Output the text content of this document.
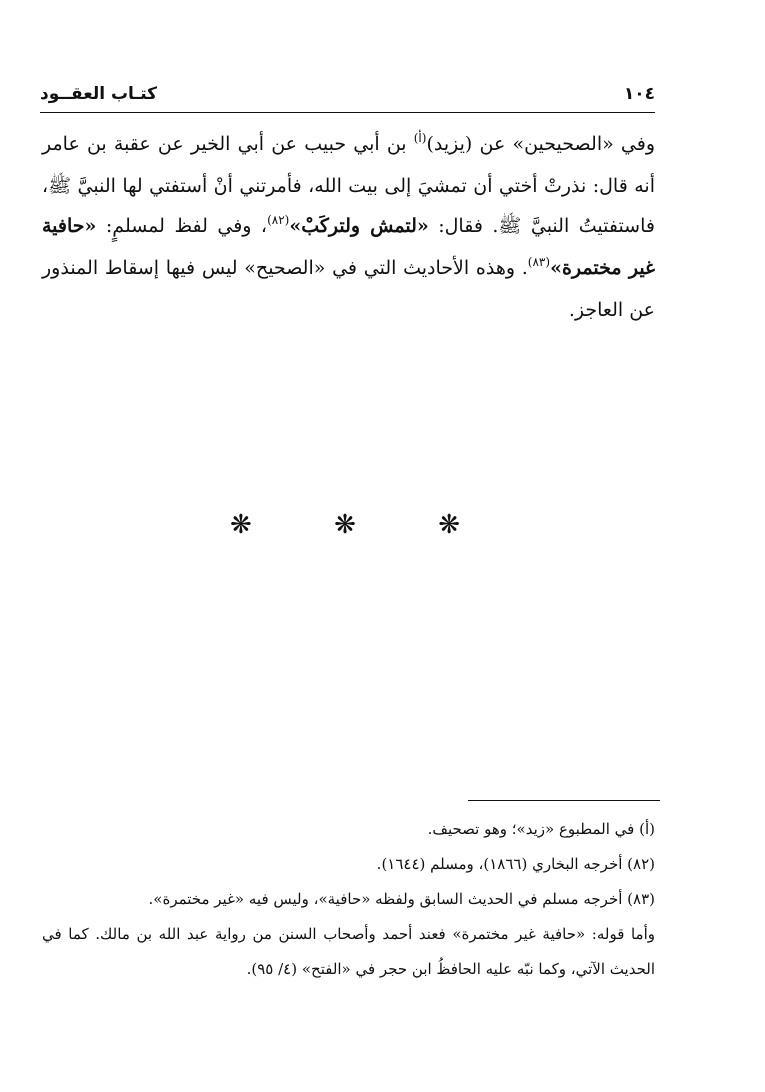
١٠٤
كتـاب العقــود

وفي «الصحيحين» عن (يزيد)$^{(أ)}$ بن أبي حبيب عن أبي الخير عن عقبة بن عامر أنه قال: نذرتْ أختي أن تمشيَ إلى بيت الله، فأمرتني أنْ أستفتي لها النبيَّ ﷺ، فاستفتيتُ النبيَّ ﷺ. فقال: «لتمش ولتركَبْ»$^{(٨٢)}$، وفي لفظ لمسلمٍ: «حافية غير مختمرة»$^{(٨٣)}$. وهذه الأحاديث التي في «الصحيح» ليس فيها إسقاط المنذور عن العاجز.

❋
❋
❋

(أ) في المطبوع «زيد»؛ وهو تصحيف.

(٨٢) أخرجه البخاري (١٨٦٦)، ومسلم (١٦٤٤).

(٨٣) أخرجه مسلم في الحديث السابق ولفظه «حافية»، وليس فيه «غير مختمرة».

وأما قوله: «حافية غير مختمرة» فعند أحمد وأصحاب السنن من رواية عبد الله بن مالك. كما في الحديث الآتي، وكما نبّه عليه الحافظُ ابن حجر في «الفتح» (٤/ ٩٥).
